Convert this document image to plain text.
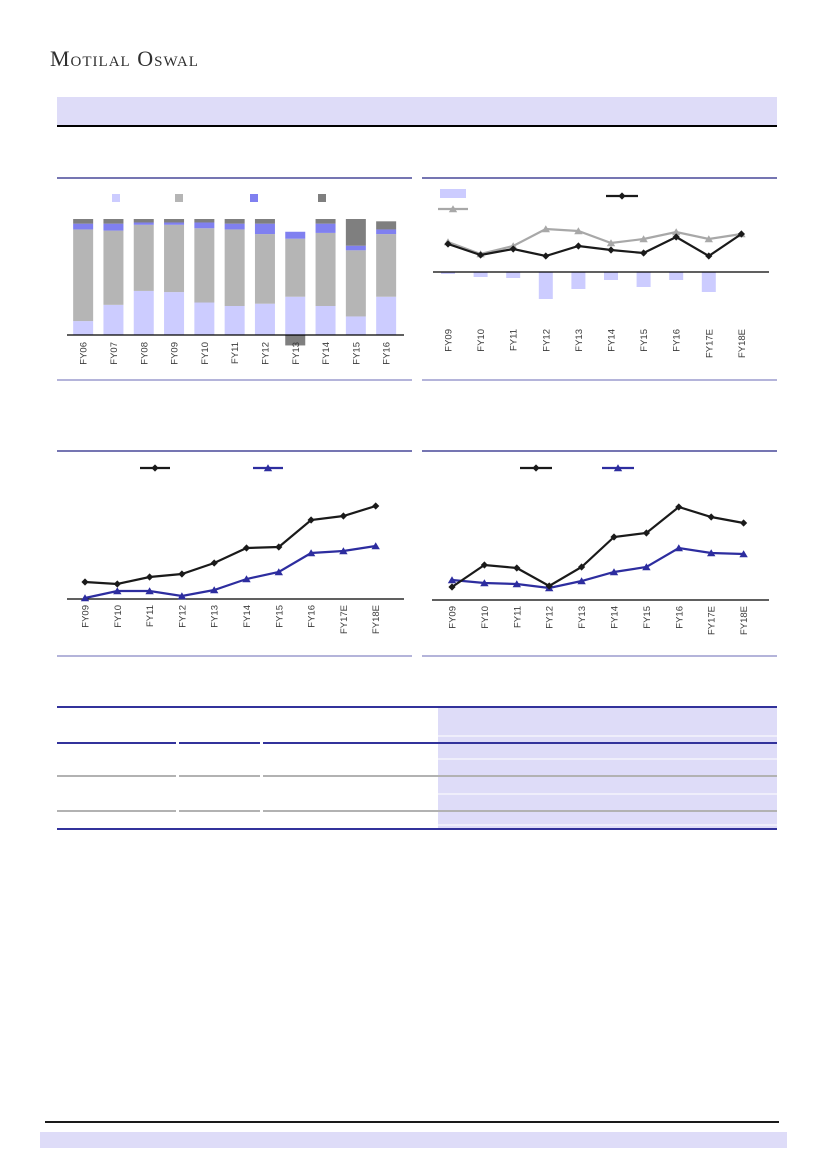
Motilal Oswal
FY06 FY07 FY08 FY09 FY10 FY11 FY12 FY13 FY14 FY15 FY16
FY09 FY10 FY11 FY12 FY13 FY14 FY15 FY16 FY17E FY18E
FY09 FY10 FY11 FY12 FY13 FY14 FY15 FY16 FY17E FY18E	FY09 FY10 FY11 FY12 FY13 FY14 FY15 FY16 FY17E FY18E
